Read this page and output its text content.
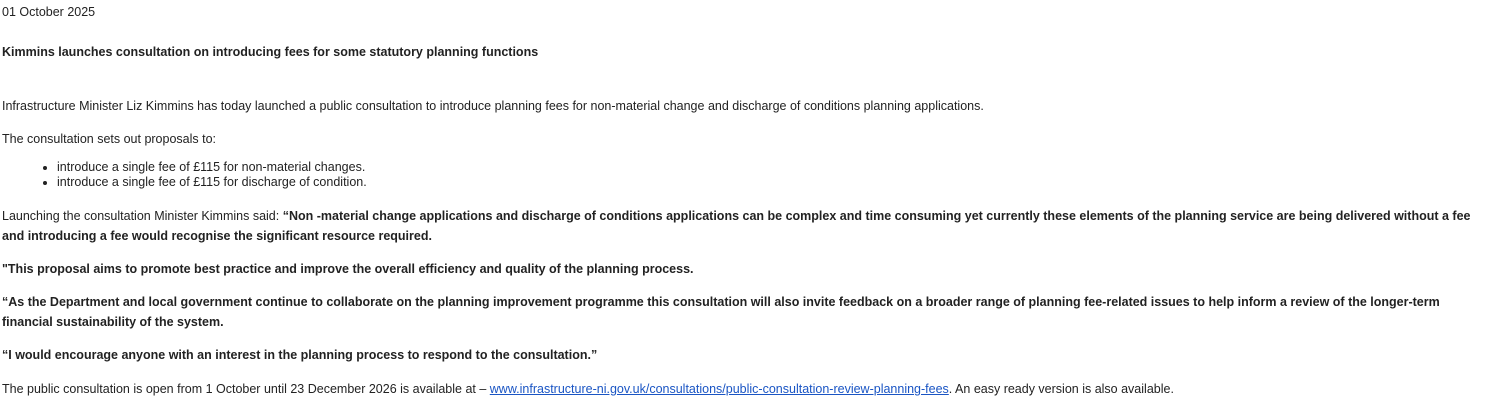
01 October 2025
Kimmins launches consultation on introducing fees for some statutory planning functions
Infrastructure Minister Liz Kimmins has today launched a public consultation to introduce planning fees for non-material change and discharge of conditions planning applications.
The consultation sets out proposals to:
• introduce a single fee of £115 for non-material changes.
• introduce a single fee of £115 for discharge of condition.
Launching the consultation Minister Kimmins said: “Non -material change applications and discharge of conditions applications can be complex and time consuming yet currently these elements of the planning service are being delivered without a fee and introducing a fee would recognise the significant resource required.
"This proposal aims to promote best practice and improve the overall efficiency and quality of the planning process.
“As the Department and local government continue to collaborate on the planning improvement programme this consultation will also invite feedback on a broader range of planning fee-related issues to help inform a review of the longer-term financial sustainability of the system.
“I would encourage anyone with an interest in the planning process to respond to the consultation.”
The public consultation is open from 1 October until 23 December 2026 is available at – www.infrastructure-ni.gov.uk/consultations/public-consultation-review-planning-fees. An easy ready version is also available.
